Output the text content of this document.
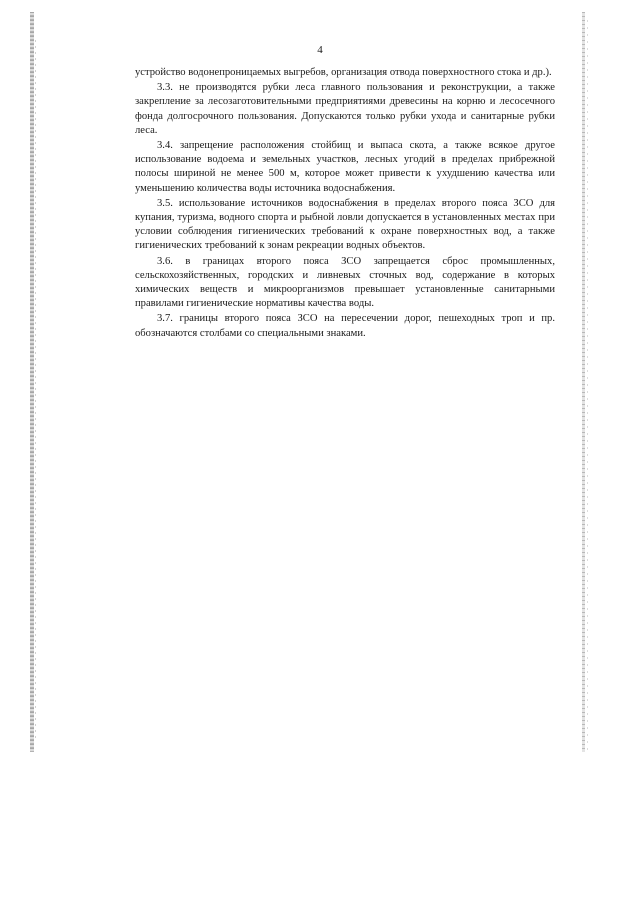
4

устройство водонепроницаемых выгребов, организация отвода поверхностного стока и др.).

3.3. не производятся рубки леса главного пользования и реконструкции, а также закрепление за лесозаготовительными предприятиями древесины на корню и лесосечного фонда долгосрочного пользования. Допускаются только рубки ухода и санитарные рубки леса.

3.4. запрещение расположения стойбищ и выпаса скота, а также всякое другое использование водоема и земельных участков, лесных угодий в пределах прибрежной полосы шириной не менее 500 м, которое может привести к ухудшению качества или уменьшению количества воды источника водоснабжения.

3.5. использование источников водоснабжения в пределах второго пояса ЗСО для купания, туризма, водного спорта и рыбной ловли допускается в установленных местах при условии соблюдения гигиенических требований к охране поверхностных вод, а также гигиенических требований к зонам рекреации водных объектов.

3.6. в границах второго пояса ЗСО запрещается сброс промышленных, сельскохозяйственных, городских и ливневых сточных вод, содержание в которых химических веществ и микроорганизмов превышает установленные санитарными правилами гигиенические нормативы качества воды.

3.7. границы второго пояса ЗСО на пересечении дорог, пешеходных троп и пр. обозначаются столбами со специальными знаками.
